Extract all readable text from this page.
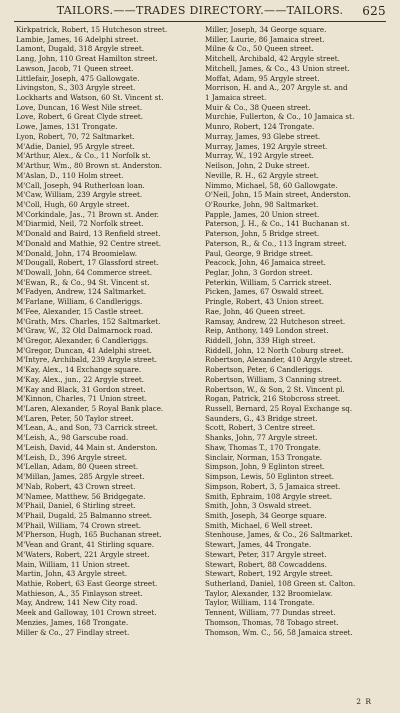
TAILORS.——TRADES DIRECTORY.——TAILORS.	625
Kirkpatrick, Robert, 15 Hutcheson street.
Lambie, James, 16 Adelphi street.
Lamont, Dugald, 318 Argyle street.
Lang, John, 110 Great Hamilton street.
Lawson, Jacob, 71 Queen street.
Littlefair, Joseph, 475 Gallowgate.
Livingston, S., 303 Argyle street.
Lockharts and Watson, 60 St. Vincent st.
Love, Duncan, 16 West Nile street.
Love, Robert, 6 Great Clyde street.
Lowe, James, 131 Trongate.
Lyon, Robert, 70, 72 Saltmarket.
M'Adie, Daniel, 95 Argyle street.
M'Arthur, Alex., & Co., 11 Norfolk st.
M'Arthur, Wm., 80 Brown st. Anderston.
M'Aslan, D., 110 Holm street.
M'Call, Joseph, 94 Rutherloan loan.
M'Caw, William, 239 Argyle street.
M'Coll, Hugh, 60 Argyle street.
M'Corkindale, Jas., 71 Brown st. Ander.
M'Diarmid, Neil, 72 Norfolk street.
M'Donald and Baird, 13 Renfield street.
M'Donald and Mathie, 92 Centre street.
M'Donald, John, 174 Broomielaw.
M'Dougall, Robert, 17 Glassford street.
M'Dowall, John, 64 Commerce street.
M'Ewan, R., & Co., 94 St. Vincent st.
M'Fadyen, Andrew, 124 Saltmarket.
M'Farlane, William, 6 Candleriggs.
M'Fee, Alexander, 15 Castle street.
M'Grath, Mrs. Charles, 152 Saltmarket.
M'Graw, W., 32 Old Dalmarnock road.
M'Gregor, Alexander, 6 Candleriggs.
M'Gregor, Duncan, 41 Adelphi street.
M'Intyre, Archibald, 239 Argyle street.
M'Kay, Alex., 14 Exchange square.
M'Kay, Alex., jun., 22 Argyle street.
M'Kay and Black, 31 Gordon street.
M'Kinnon, Charles, 71 Union street.
M'Laren, Alexander, 5 Royal Bank place.
M'Laren, Peter, 50 Taylor street.
M'Lean, A., and Son, 73 Carrick street.
M'Leish, A., 98 Garscube road.
M'Leish, David, 44 Main st. Anderston.
M'Leish, D., 396 Argyle street.
M'Lellan, Adam, 80 Queen street.
M'Millan, James, 285 Argyle street.
M'Nab, Robert, 43 Crown street.
M'Namee, Matthew, 56 Bridgegate.
M'Phail, Daniel, 6 Stirling street.
M'Phail, Dugald, 25 Balmanno street.
M'Phail, William, 74 Crown street.
M'Pherson, Hugh, 165 Buchanan street.
M'Vean and Grant, 41 Stirling square.
M'Waters, Robert, 221 Argyle street.
Main, William, 11 Union street.
Martin, John, 43 Argyle street.
Mathie, Robert, 63 East George street.
Mathieson, A., 35 Finlayson street.
May, Andrew, 141 New City road.
Meek and Galloway, 101 Crown street.
Menzies, James, 168 Trongate.
Miller & Co., 27 Findlay street.
Miller, Joseph, 34 George square.
Miller, Laurie, 86 Jamaica street.
Milne & Co., 50 Queen street.
Mitchell, Archibald, 42 Argyle street.
Mitchell, James, & Co., 43 Union street.
Moffat, Adam, 95 Argyle street.
Morrison, H. and A., 207 Argyle st. and
1 Jamaica street.
Muir & Co., 38 Queen street.
Murchie, Fullerton, & Co., 10 Jamaica st.
Munro, Robert, 124 Trongate.
Murray, James, 93 Glebe street.
Murray, James, 192 Argyle street.
Murray, W., 192 Argyle street.
Neilson, John, 2 Duke street.
Neville, R. H., 62 Argyle street.
Nimmo, Michael, 58, 60 Gallowgate.
O'Neil, John, 15 Main street, Anderston.
O'Rourke, John, 98 Saltmarket.
Papple, James, 20 Union street.
Paterson, J. H., & Co., 141 Buchanan st.
Paterson, John, 5 Bridge street.
Paterson, R., & Co., 113 Ingram street.
Paul, George, 9 Bridge street.
Peacock, John, 46 Jamaica street.
Peglar, John, 3 Gordon street.
Peterkin, William, 5 Carrick street.
Picken, James, 67 Oswald street.
Pringle, Robert, 43 Union street.
Rae, John, 46 Queen street.
Ramsay, Andrew, 22 Hutcheson street.
Reip, Anthony, 149 London street.
Riddell, John, 339 High street.
Riddell, John, 12 North Coburg street.
Robertson, Alexander, 410 Argyle street.
Robertson, Peter, 6 Candleriggs.
Robertson, William, 3 Canning street.
Robertson, W., & Son, 2 St. Vincent pl.
Rogan, Patrick, 216 Stobcross street.
Russell, Bernard, 25 Royal Exchange sq.
Saunders, G., 43 Bridge street.
Scott, Robert, 3 Centre street.
Shanks, John, 77 Argyle street.
Shaw, Thomas T., 170 Trongate.
Sinclair, Norman, 153 Trongate.
Simpson, John, 9 Eglinton street.
Simpson, Lewis, 50 Eglinton street.
Simpson, Robert, 3, 5 Jamaica street.
Smith, Ephraim, 108 Argyle street.
Smith, John, 3 Oswald street.
Smith, Joseph, 34 George square.
Smith, Michael, 6 Well street.
Stenhouse, James, & Co., 26 Saltmarket.
Stewart, James, 44 Trongate.
Stewart, Peter, 317 Argyle street.
Stewart, Robert, 88 Cowcaddens.
Stewart, Robert, 192 Argyle street.
Sutherland, Daniel, 108 Green st. Calton.
Taylor, Alexander, 132 Broomielaw.
Taylor, William, 114 Trongate.
Tennent, William, 77 Dundas street.
Thomson, Thomas, 78 Tobago street.
Thomson, Wm. C., 56, 58 Jamaica street.
2 R
